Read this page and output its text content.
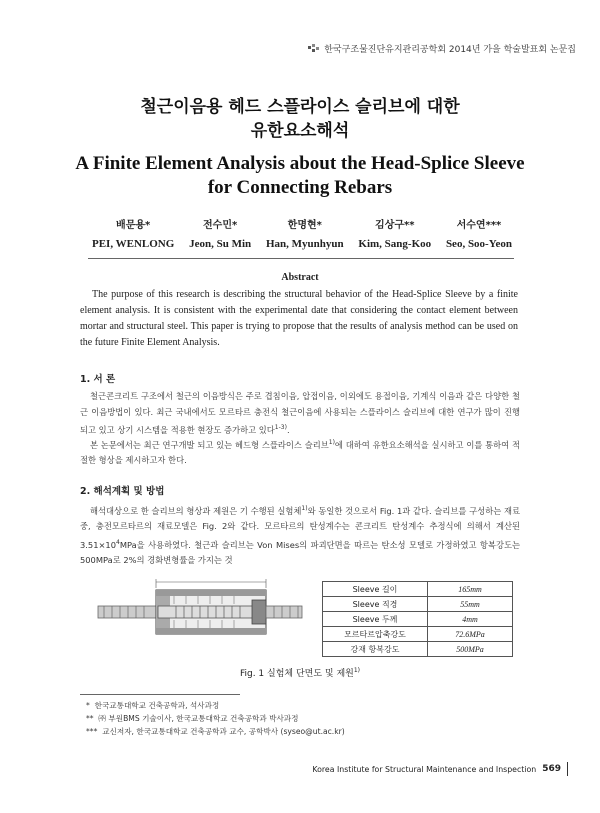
한국구조물진단유지관리공학회 2014년 가을 학술발표회 논문집
철근이음용 헤드 스플라이스 슬리브에 대한
유한요소해석
A Finite Element Analysis about the Head-Splice Sleeve
for Connecting Rebars
배문용*
PEI, WENLONG
전수민*
Jeon, Su Min
한명현*
Han, Myunhyun
김상구**
Kim, Sang-Koo
서수연***
Seo, Soo-Yeon
Abstract
The purpose of this research is describing the structural behavior of the Head-Splice Sleeve by a finite element analysis. It is consistent with the experimental date that considering the contact element between mortar and structural steel. This paper is trying to propose that the results of analysis method can be used on the future Finite Element Analysis.
1. 서 론
철근콘크리트 구조에서 철근의 이음방식은 주로 겹침이음, 압접이음, 이외에도 용접이음, 기계식 이음과 같은 다양한 철근 이음방법이 있다. 최근 국내에서도 모르타르 충전식 철근이음에 사용되는 스플라이스 슬리브에 대한 연구가 많이 진행되고 있고 상기 시스템을 적용한 현장도 증가하고 있다$^{1-3)}$.
본 논문에서는 최근 연구개발 되고 있는 헤드형 스플라이스 슬리브$^{1)}$에 대하여 유한요소해석을 실시하고 이를 통하여 적절한 형상을 제시하고자 한다.
2. 해석계획 및 방법
해석대상으로 한 슬리브의 형상과 제원은 기 수행된 실험체$^{1)}$와 동일한 것으로서 Fig. 1과 같다. 슬리브를 구성하는 재료 중, 충전모르타르의 재료모델은 Fig. 2와 같다. 모르타르의 탄성계수는 콘크리트 탄성계수 추정식에 의해서 계산된 $3.51\times 10^4MPa$을 사용하였다. 철근과 슬리브는 Von Mises의 파괴단면을 따르는 탄소성 모델로 가정하였고 항복강도는 500MPa로 2%의 경화변형률을 가지는 것
Sleeve 길이	165mm
Sleeve 직경	55mm
Sleeve 두께	4mm
모르타르압축강도	72.6MPa
강재 항복강도	500MPa
Fig. 1 실험체 단면도 및 제원$^{1)}$
* 한국교통대학교 건축공학과, 석사과정
** ㈜ 부원BMS 기술이사, 한국교통대학교 건축공학과 박사과정
*** 교신저자, 한국교통대학교 건축공학과 교수, 공학박사 (syseo@ut.ac.kr)
Korea Institute for Structural Maintenance and Inspection 569
